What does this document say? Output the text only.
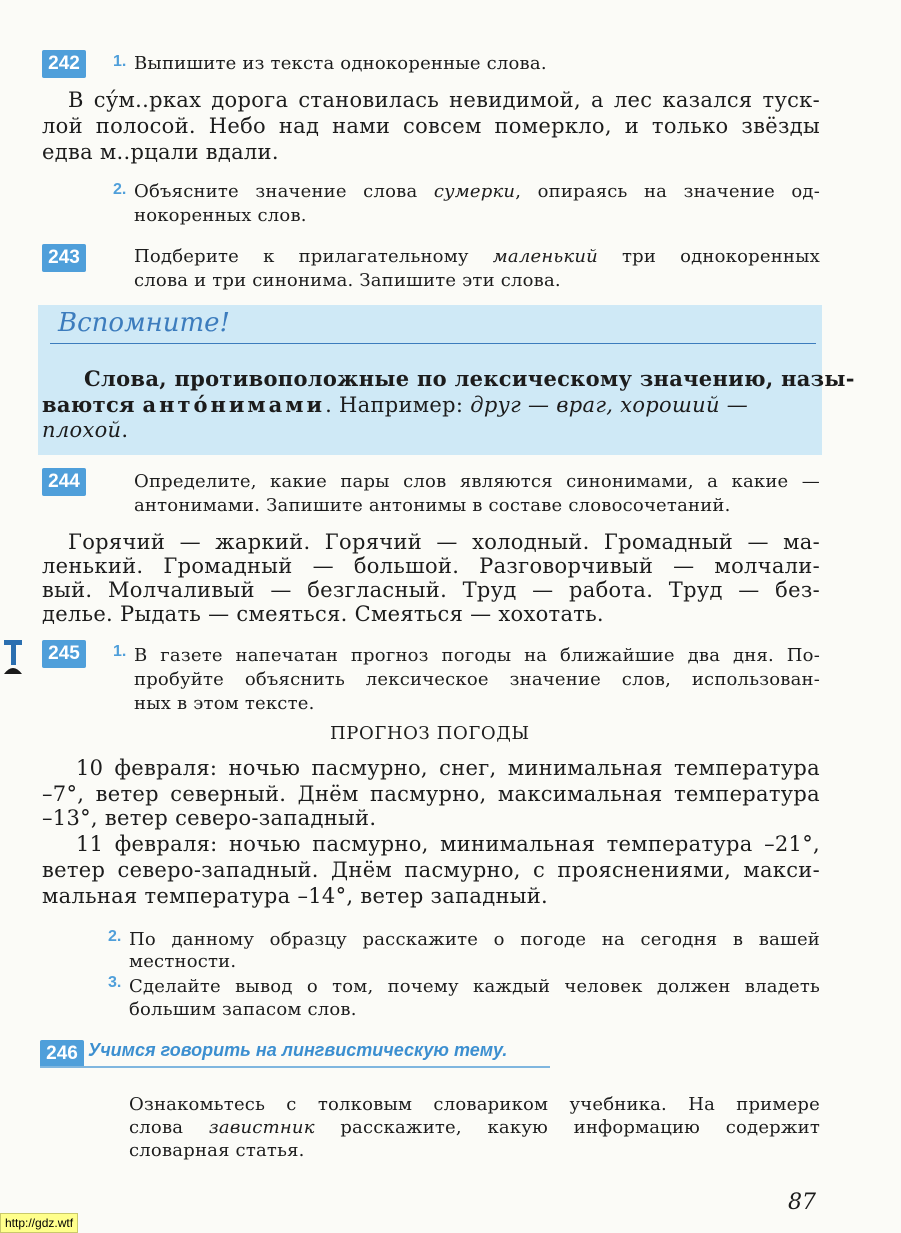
242	1. Выпишите из текста однокоренные слова.
В су́м..рках дорога становилась невидимой, а лес казался туск-
лой полосой. Небо над нами совсем померкло, и только звёзды
едва м..рцали вдали.
2. Объясните значение слова сумерки, опираясь на значение од-
нокоренных слов.
243	Подберите к прилагательному маленький три однокоренных
слова и три синонима. Запишите эти слова.
Вспомните!
Слова, противоположные по лексическому значению, назы-
ваются антóнимами. Например: друг — враг, хороший —
плохой.
244	Определите, какие пары слов являются синонимами, а какие —
антонимами. Запишите антонимы в составе словосочетаний.
Горячий — жаркий. Горячий — холодный. Громадный — ма-
ленький. Громадный — большой. Разговорчивый — молчали-
вый. Молчаливый — безгласный. Труд — работа. Труд — без-
делье. Рыдать — смеяться. Смеяться — хохотать.
245	1. В газете напечатан прогноз погоды на ближайшие два дня. По-
пробуйте объяснить лексическое значение слов, использован-
ных в этом тексте.
ПРОГНОЗ ПОГОДЫ
10 февраля: ночью пасмурно, снег, минимальная температура
–7°, ветер северный. Днём пасмурно, максимальная температура
–13°, ветер северо-западный.
11 февраля: ночью пасмурно, минимальная температура –21°,
ветер северо-западный. Днём пасмурно, с прояснениями, макси-
мальная температура –14°, ветер западный.
2. По данному образцу расскажите о погоде на сегодня в вашей
местности.
3. Сделайте вывод о том, почему каждый человек должен владеть
большим запасом слов.
246 Учимся говорить на лингвистическую тему.
Ознакомьтесь с толковым словариком учебника. На примере
слова завистник расскажите, какую информацию содержит
словарная статья.
87
http://gdz.wtf
